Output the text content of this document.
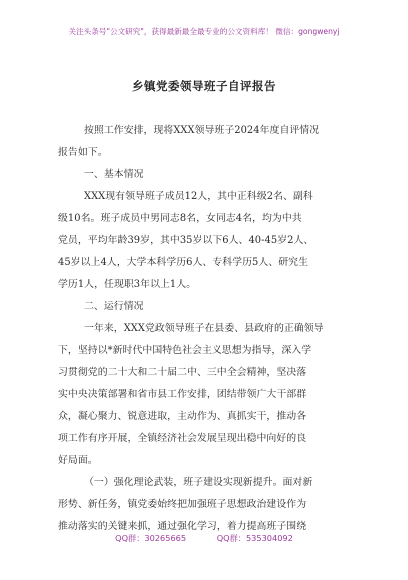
关注头条号"公文研究"，获得最新最全最专业的公文资料库！ 微信：gongwenyj
乡镇党委领导班子自评报告
按照工作安排，现将XXX领导班子2024年度自评情况
报告如下。
一、基本情况
XXX现有领导班子成员12人，其中正科级2名、副科
级10名。班子成员中男同志8名，女同志4名，均为中共
党员，平均年龄39岁，其中35岁以下6人、40-45岁2人、
45岁以上4人，大学本科学历6人、专科学历5人、研究生
学历1人，任现职3年以上1人。
二、运行情况
一年来，XXX党政领导班子在县委、县政府的正确领导
下，坚持以*新时代中国特色社会主义思想为指导，深入学
习贯彻党的二十大和二十届二中、三中全会精神，坚决落
实中央决策部署和省市县工作安排，团结带领广大干部群
众，凝心聚力、锐意进取，主动作为、真抓实干，推动各
项工作有序开展，全镇经济社会发展呈现出稳中向好的良
好局面。
（一）强化理论武装，班子建设实现新提升。面对新
形势、新任务，镇党委始终把加强班子思想政治建设作为
推动落实的关键来抓，通过强化学习，着力提高班子围绕
QQ群：30265665	QQ群：535304092
